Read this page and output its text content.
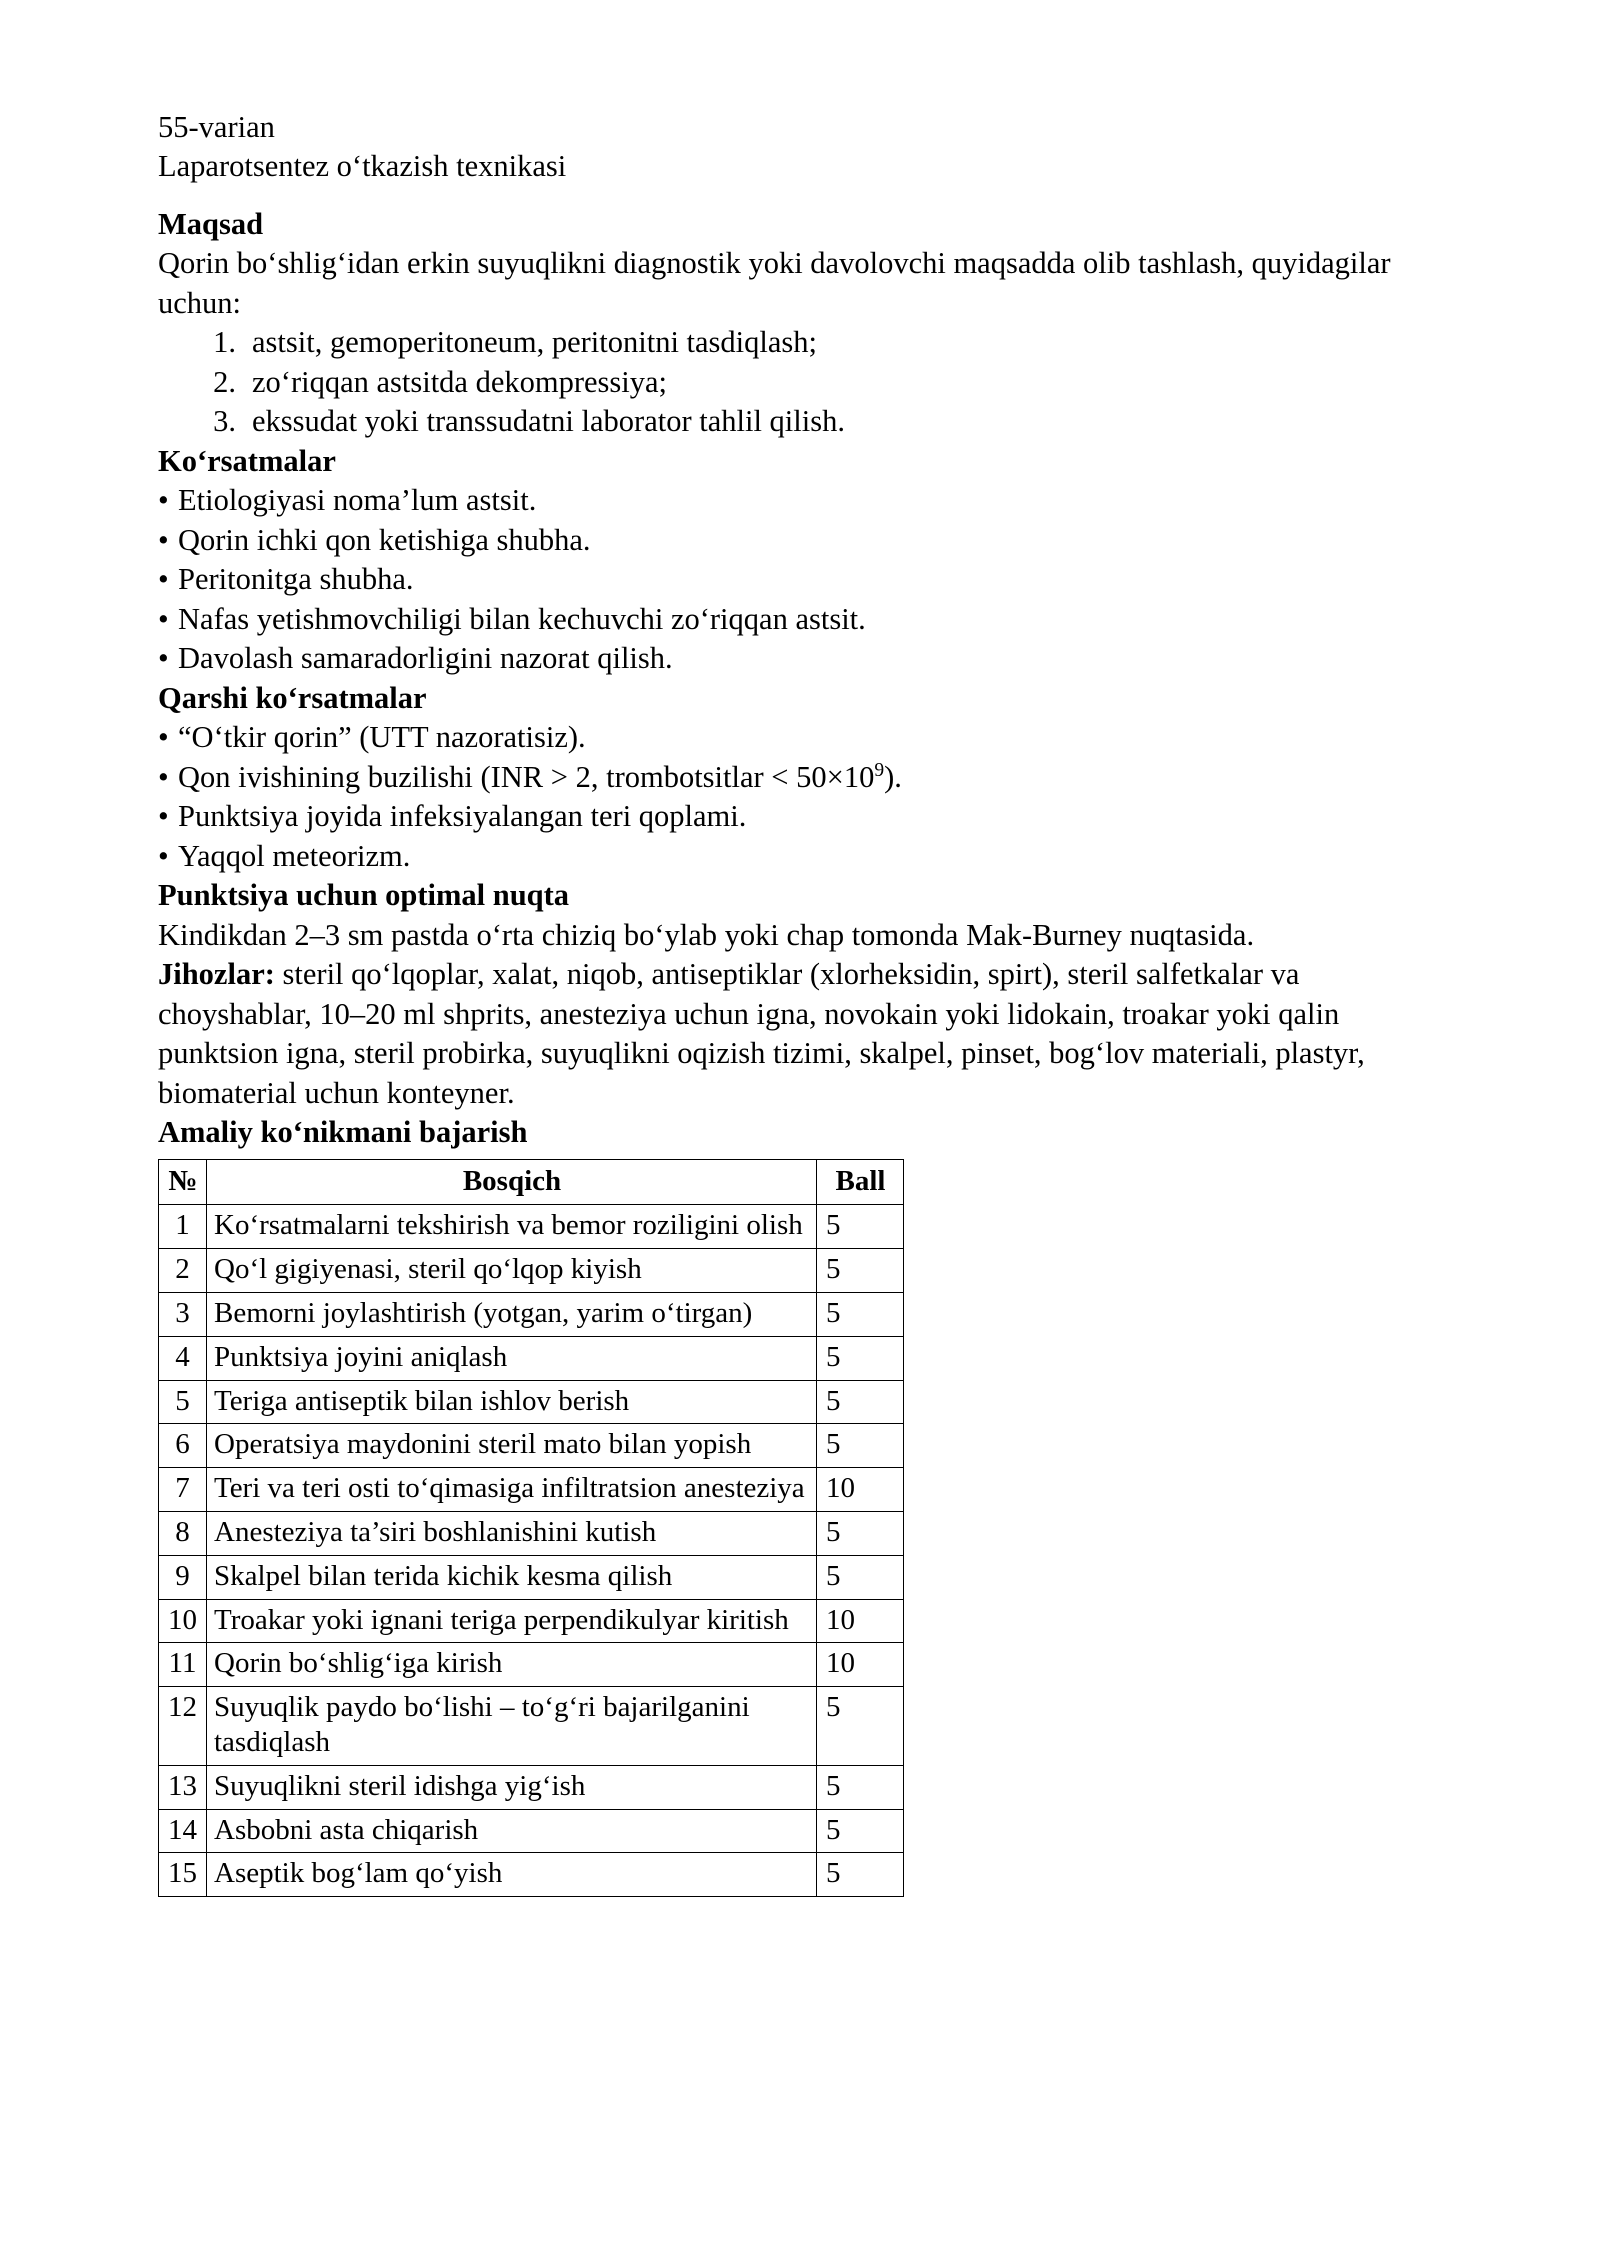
55-varian
Laparotsentez o‘tkazish texnikasi
Maqsad
Qorin bo‘shlig‘idan erkin suyuqlikni diagnostik yoki davolovchi maqsadda olib tashlash, quyidagilar uchun:
1. astsit, gemoperitoneum, peritonitni tasdiqlash;
2. zo‘riqqan astsitda dekompressiya;
3. ekssudat yoki transsudatni laborator tahlil qilish.
Ko‘rsatmalar
• Etiologiyasi noma’lum astsit.
• Qorin ichki qon ketishiga shubha.
• Peritonitga shubha.
• Nafas yetishmovchiligi bilan kechuvchi zo‘riqqan astsit.
• Davolash samaradorligini nazorat qilish.
Qarshi ko‘rsatmalar
• “O‘tkir qorin” (UTT nazoratisiz).
• Qon ivishining buzilishi (INR > 2, trombotsitlar < $50\times 10^9$).
• Punktsiya joyida infeksiyalangan teri qoplami.
• Yaqqol meteorizm.
Punktsiya uchun optimal nuqta
Kindikdan 2–3 sm pastda o‘rta chiziq bo‘ylab yoki chap tomonda Mak-Burney nuqtasida.
Jihozlar: steril qo‘lqoplar, xalat, niqob, antiseptiklar (xlorheksidin, spirt), steril salfetkalar va choyshablar, 10–20 ml shprits, anesteziya uchun igna, novokain yoki lidokain, troakar yoki qalin punktsion igna, steril probirka, suyuqlikni oqizish tizimi, skalpel, pinset, bog‘lov materiali, plastyr, biomaterial uchun konteyner.
Amaliy ko‘nikmani bajarish
№	Bosqich	Ball
1	Ko‘rsatmalarni tekshirish va bemor roziligini olish	5
2	Qo‘l gigiyenasi, steril qo‘lqop kiyish	5
3	Bemorni joylashtirish (yotgan, yarim o‘tirgan)	5
4	Punktsiya joyini aniqlash	5
5	Teriga antiseptik bilan ishlov berish	5
6	Operatsiya maydonini steril mato bilan yopish	5
7	Teri va teri osti to‘qimasiga infiltratsion anesteziya	10
8	Anesteziya ta’siri boshlanishini kutish	5
9	Skalpel bilan terida kichik kesma qilish	5
10	Troakar yoki ignani teriga perpendikulyar kiritish	10
11	Qorin bo‘shlig‘iga kirish	10
12	Suyuqlik paydo bo‘lishi – to‘g‘ri bajarilganini tasdiqlash	5
13	Suyuqlikni steril idishga yig‘ish	5
14	Asbobni asta chiqarish	5
15	Aseptik bog‘lam qo‘yish	5
